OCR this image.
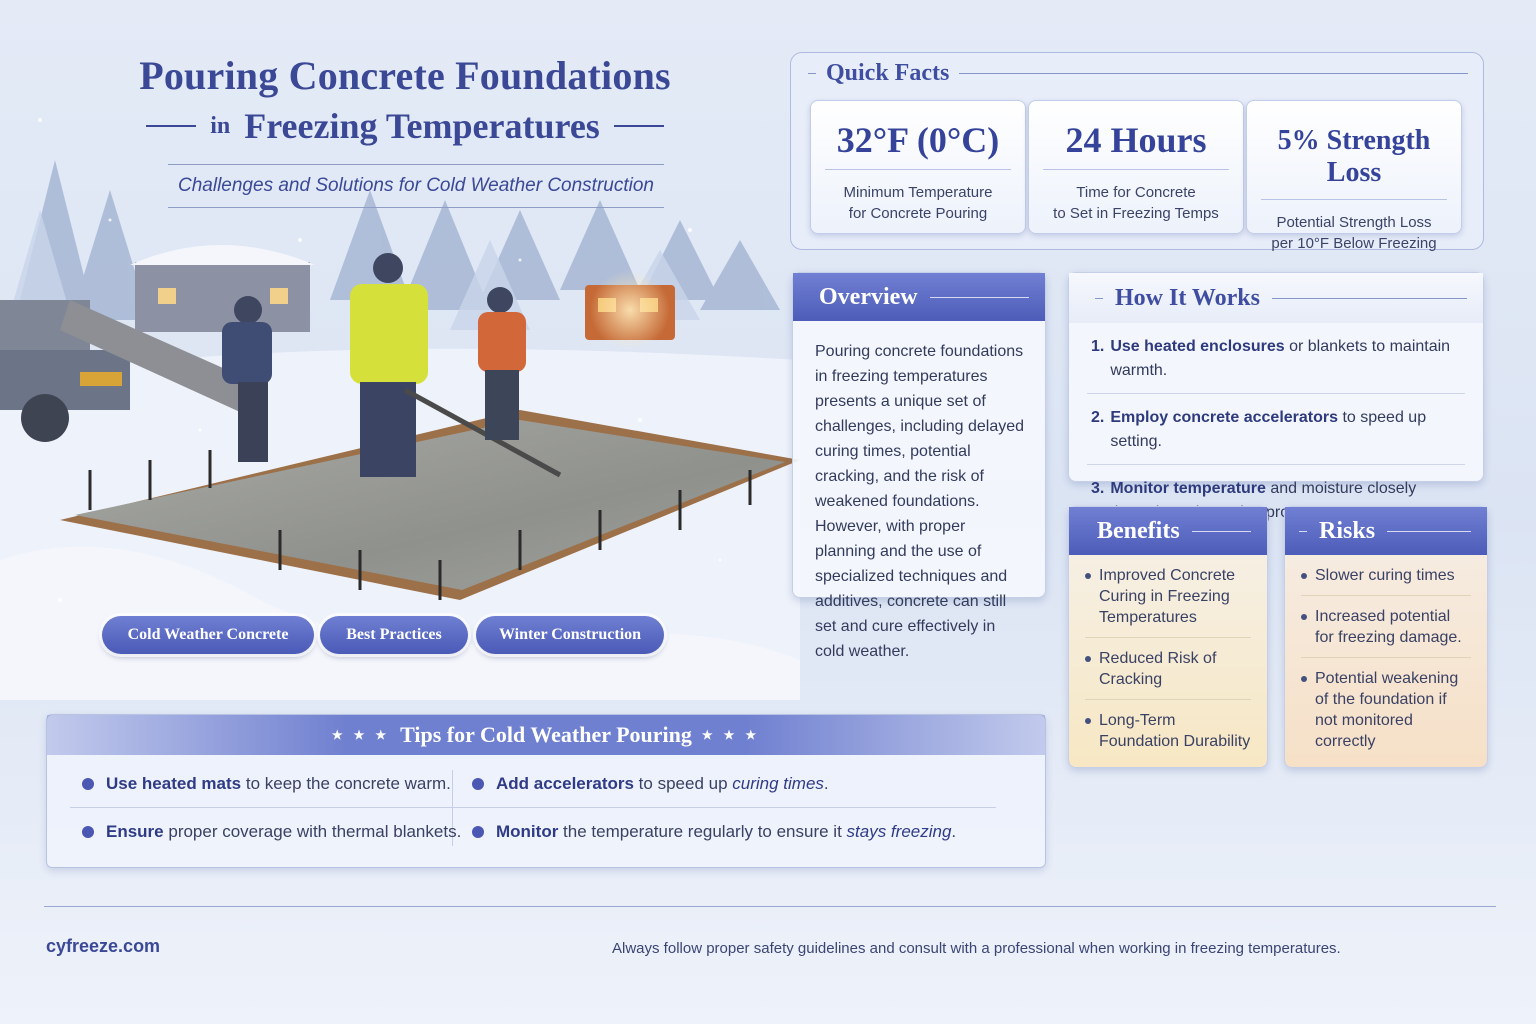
Pouring Concrete Foundations
in Freezing Temperatures
Challenges and Solutions for Cold Weather Construction
Cold Weather Concrete	Best Practices	Winter Construction
Quick Facts
32°F (0°C)
Minimum Temperature
for Concrete Pouring
24 Hours
Time for Concrete
to Set in Freezing Temps
5% Strength Loss
Potential Strength Loss
per 10°F Below Freezing
Overview
Pouring concrete foundations in freezing temperatures presents a unique set of challenges, including delayed curing times, potential cracking, and the risk of weakened foundations. However, with proper planning and the use of specialized techniques and additives, concrete can still set and cure effectively in cold weather.
How It Works
1. Use heated enclosures or blankets to maintain warmth.
2. Employ concrete accelerators to speed up setting.
3. Monitor temperature and moisture closely
Benefits
Improved Concrete Curing in Freezing Temperatures
Reduced Risk of Cracking
Long-Term Foundation Durability
Risks
Slower curing times
Increased potential for freezing damage.
Potential weakening of the foundation if not monitored correctly
★ ★ ★ Tips for Cold Weather Pouring ★ ★ ★
Use heated mats to keep the concrete warm.	Add accelerators to speed up curing times.
Ensure proper coverage with thermal blankets. Monitor the temperature regularly to ensure it stays freezing.
cyfreeze.com	Always follow proper safety guidelines and consult with a professional when working in freezing temperatures.
